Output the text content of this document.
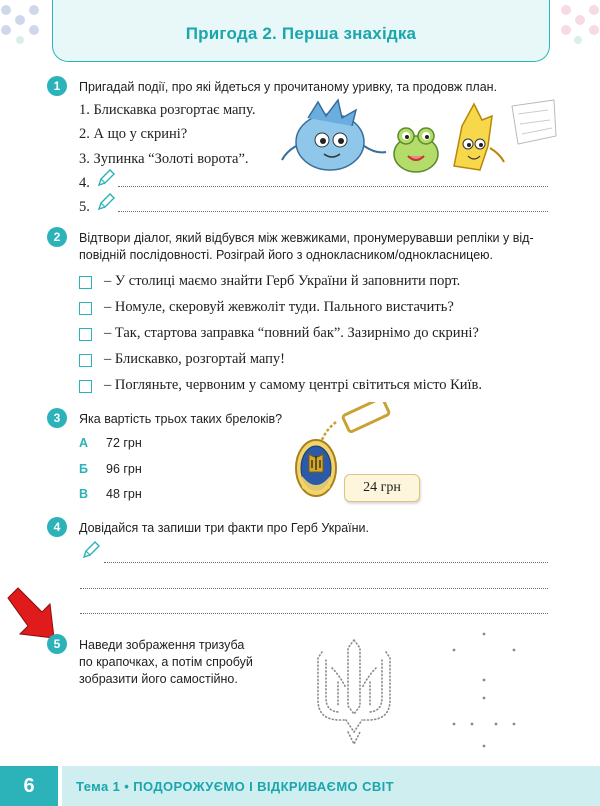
Пригода 2. Перша знахідка
1	Пригадай події, про які йдеться у прочитаному уривку, та продовж план.
1. Блискавка розгортає мапу.
2. А що у скрині?
3. Зупинка “Золоті ворота”.
4.
5.
2	Відтвори діалог, який відбувся між жевжиками, пронумерувавши репліки у від-
повідній послідовності. Розіграй його з однокласником/однокласницею.
– У столиці маємо знайти Герб України й заповнити порт.
– Номуле, скеровуй жевжоліт туди. Пального вистачить?
– Так, стартова заправка “повний бак”. Зазирнімо до скрині?
– Блискавко, розгортай мапу!
– Погляньте, червоним у самому центрі світиться місто Київ.
3	Яка вартість трьох таких брелоків?
А 72 грн
Б 96 грн
В 48 грн	24 грн
4	Довідайся та запиши три факти про Герб України.
5	Наведи зображення тризуба
по крапочках, а потім спробуй
зобразити його самостійно.
6	Тема 1 • ПОДОРОЖУЄМО І ВІДКРИВАЄМО СВІТ
